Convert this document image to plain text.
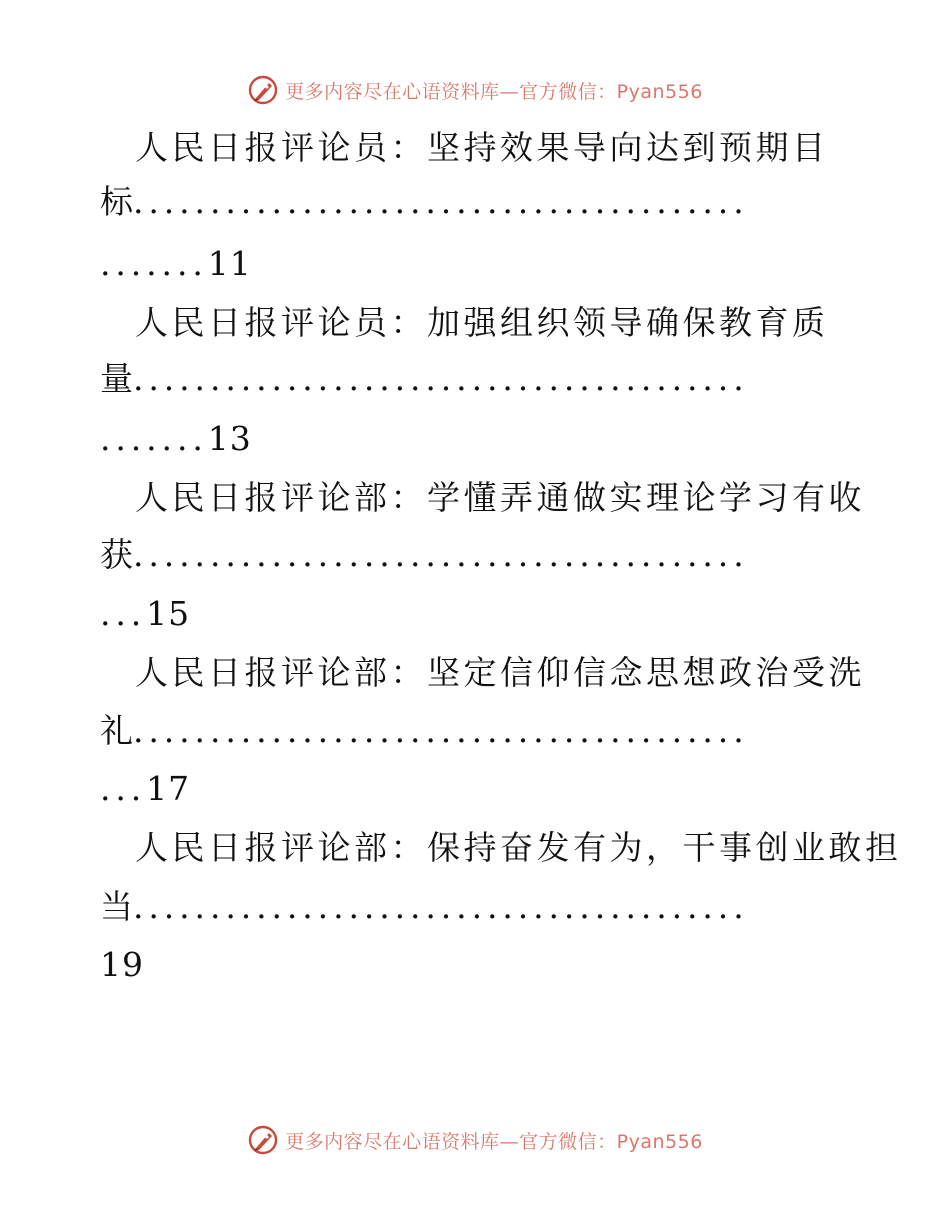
更多内容尽在心语资料库—官方微信：Pyan556
人民日报评论员：坚持效果导向达到预期目
标........................................
.......11
人民日报评论员：加强组织领导确保教育质
量........................................
.......13
人民日报评论部：学懂弄通做实理论学习有收
获........................................
...15
人民日报评论部：坚定信仰信念思想政治受洗
礼........................................
...17
人民日报评论部：保持奋发有为，干事创业敢担
当........................................
19
更多内容尽在心语资料库—官方微信：Pyan556
